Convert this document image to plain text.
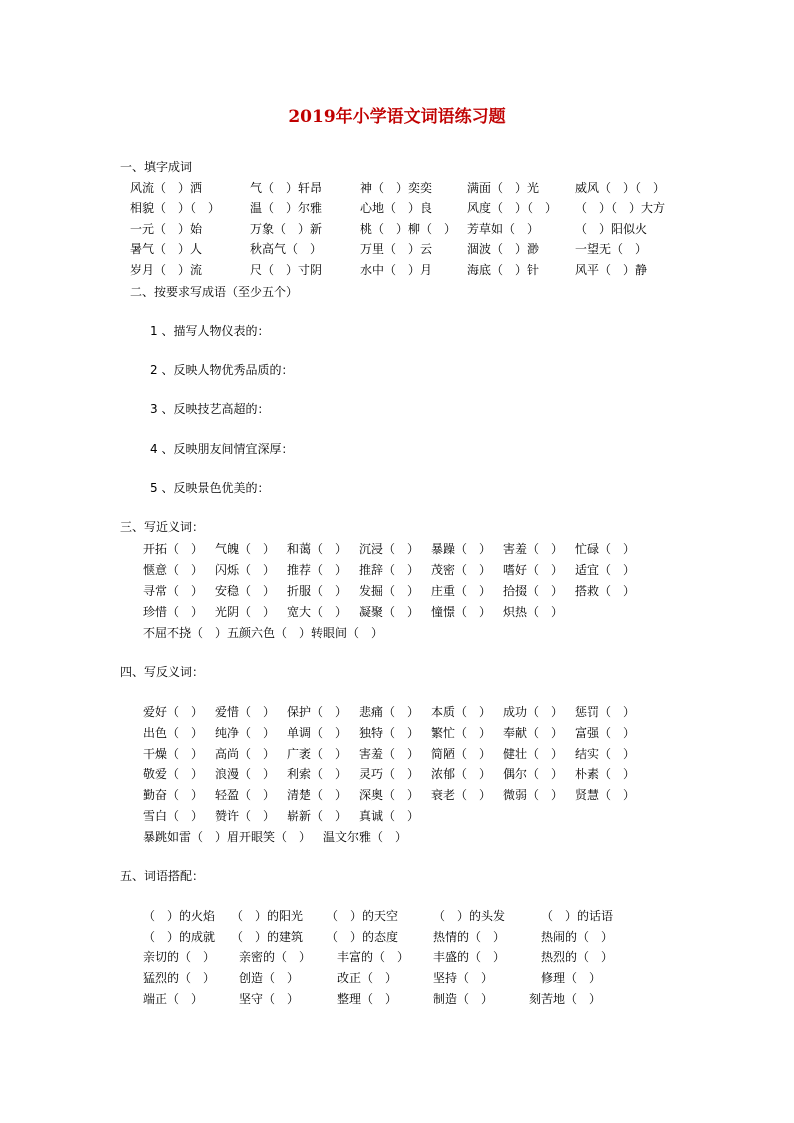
2019年小学语文词语练习题
一、填字成词
风流（　）洒	气（　）轩昂	神（　）奕奕	满面（　）光	威风（　）（　）
相貌（　）（　） 温（　）尔雅	心地（　）良	风度（　）（　） （　）（　）大方
一元（　）始	万象（　）新	桃（　）柳（　） 芳草如（　）	（　）阳似火
暑气（　）人	秋高气（　）	万里（　）云	涸波（　）渺	一望无（　）
岁月（　）流	尺（　）寸阴	水中（　）月	海底（　）针	风平（　）静
二、按要求写成语（至少五个）
1 、描写人物仪表的：
2 、反映人物优秀品质的：
3 、反映技艺高超的：
4 、反映朋友间情宜深厚：
5 、反映景色优美的：
三、写近义词：
开拓（　） 气魄（　） 和蔼（　） 沉浸（　） 暴躁（　） 害羞（　） 忙碌（　）
惬意（　） 闪烁（　） 推荐（　） 推辞（　） 茂密（　） 嗜好（　） 适宜（　）
寻常（　） 安稳（　） 折服（　） 发掘（　） 庄重（　） 拾掇（　） 搭救（　）
珍惜（　） 光阴（　） 宽大（　） 凝聚（　） 憧憬（　） 炽热（　）
不屈不挠（　） 五颜六色（　） 转眼间（　）
四、写反义词：
爱好（　） 爱惜（　） 保护（　） 悲痛（　） 本质（　） 成功（　） 惩罚（　）
出色（　） 纯净（　） 单调（　） 独特（　） 繁忙（　） 奉献（　） 富强（　）
干燥（　） 高尚（　） 广袤（　） 害羞（　） 简陋（　） 健壮（　） 结实（　）
敬爱（　） 浪漫（　） 利索（　） 灵巧（　） 浓郁（　） 偶尔（　） 朴素（　）
勤奋（　） 轻盈（　） 清楚（　） 深奥（　） 衰老（　） 微弱（　） 贤慧（　）
雪白（　） 赞许（　） 崭新（　） 真诚（　）
暴跳如雷（　） 眉开眼笑（　） 温文尔雅（　）
五、词语搭配：
（　）的火焰 （　）的阳光 （　）的天空	（　）的头发	（　）的话语
（　）的成就 （　）的建筑 （　）的态度	热情的（　）	热闹的（　）
亲切的（　） 亲密的（　） 丰富的（　） 丰盛的（　）	热烈的（　）
猛烈的（　） 创造（　）	改正（　）	坚持（　）	修理（　）
端正（　）	坚守（　）	整理（　）	制造（　）	刻苦地（　）
